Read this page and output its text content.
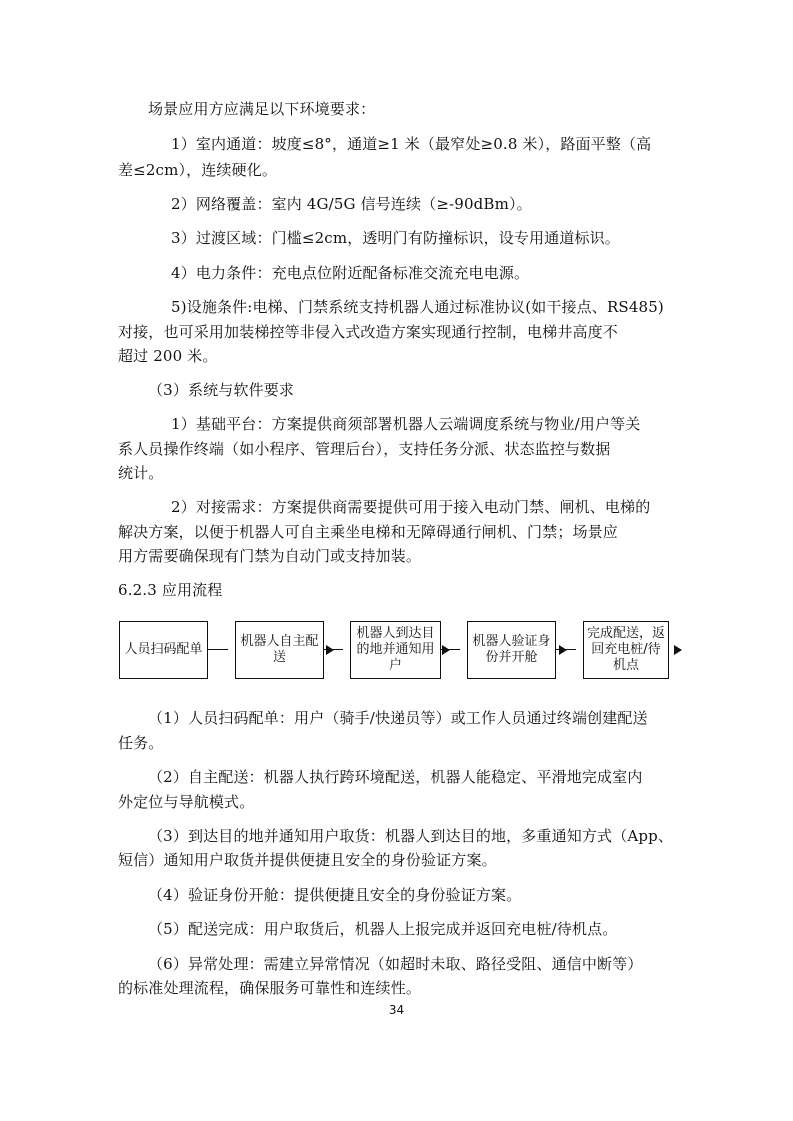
场景应用方应满足以下环境要求：
1）室内通道：坡度≤8°，通道≥1 米（最窄处≥0.8 米），路面平整（高
差≤2cm），连续硬化。
2）网络覆盖：室内 4G/5G 信号连续（≥-90dBm）。
3）过渡区域：门槛≤2cm，透明门有防撞标识，设专用通道标识。
4）电力条件：充电点位附近配备标准交流充电电源。
5)设施条件:电梯、门禁系统支持机器人通过标准协议(如干接点、RS485)
对接，也可采用加装梯控等非侵入式改造方案实现通行控制，电梯井高度不
超过 200 米。
（3）系统与软件要求
1）基础平台：方案提供商须部署机器人云端调度系统与物业/用户等关
系人员操作终端（如小程序、管理后台），支持任务分派、状态监控与数据
统计。
2）对接需求：方案提供商需要提供可用于接入电动门禁、闸机、电梯的
解决方案，以便于机器人可自主乘坐电梯和无障碍通行闸机、门禁；场景应
用方需要确保现有门禁为自动门或支持加装。
6.2.3 应用流程
人员扫码配单
机器人自主配送
机器人到达目的地并通知用户
机器人验证身份并开舱
完成配送，返回充电桩/待机点
（1）人员扫码配单：用户（骑手/快递员等）或工作人员通过终端创建配送
任务。
（2）自主配送：机器人执行跨环境配送，机器人能稳定、平滑地完成室内
外定位与导航模式。
（3）到达目的地并通知用户取货：机器人到达目的地，多重通知方式（App、
短信）通知用户取货并提供便捷且安全的身份验证方案。
（4）验证身份开舱：提供便捷且安全的身份验证方案。
（5）配送完成：用户取货后，机器人上报完成并返回充电桩/待机点。
（6）异常处理：需建立异常情况（如超时未取、路径受阻、通信中断等）
的标准处理流程，确保服务可靠性和连续性。
34
